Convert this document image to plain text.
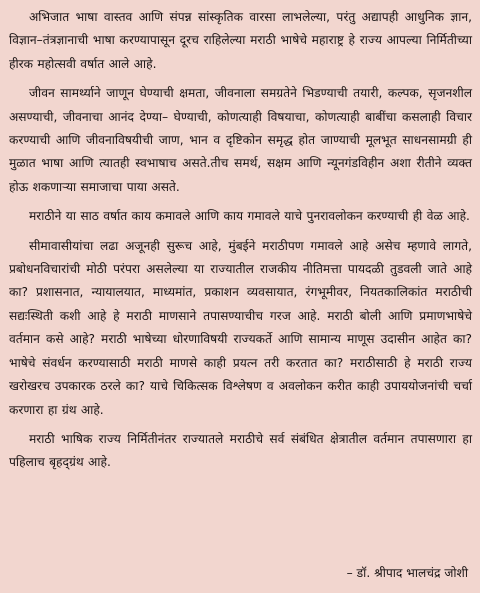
अभिजात भाषा वास्तव आणि संपन्न सांस्कृतिक वारसा लाभलेल्या, परंतु अद्यापही आधुनिक ज्ञान, विज्ञान–तंत्रज्ञानाची भाषा करण्यापासून दूरच राहिलेल्या मराठी भाषेचे महाराष्ट्र हे राज्य आपल्या निर्मितीच्या हीरक महोत्सवी वर्षात आले आहे.

जीवन सामर्थ्याने जाणून घेण्याची क्षमता, जीवनाला समग्रतेने भिडण्याची तयारी, कल्पक, सृजनशील असण्याची, जीवनाचा आनंद देण्या– घेण्याची, कोणत्याही विषयाचा, कोणत्याही बाबींचा कसलाही विचार करण्याची आणि जीवनाविषयीची जाण, भान व दृष्टिकोन समृद्ध होत जाण्याची मूलभूत साधनसामग्री ही मुळात भाषा आणि त्यातही स्वभाषाच असते.तीच समर्थ, सक्षम आणि न्यूनगंडविहीन अशा रीतीने व्यक्त होऊ शकणाऱ्या समाजाचा पाया असते.

मराठीने या साठ वर्षात काय कमावले आणि काय गमावले याचे पुनरावलोकन करण्याची ही वेळ आहे.

सीमावासीयांचा लढा अजूनही सुरूच आहे, मुंबईने मराठीपण गमावले आहे असेच म्हणावे लागते, प्रबोधनविचारांची मोठी परंपरा असलेल्या या राज्यातील राजकीय नीतिमत्ता पायदळी तुडवली जाते आहे का? प्रशासनात, न्यायालयात, माध्यमांत, प्रकाशन व्यवसायात, रंगभूमीवर, नियतकालिकांत मराठीची सद्यःस्थिती कशी आहे हे मराठी माणसाने तपासण्याचीच गरज आहे. मराठी बोली आणि प्रमाणभाषेचे वर्तमान कसे आहे? मराठी भाषेच्या धोरणाविषयी राज्यकर्ते आणि सामान्य माणूस उदासीन आहेत का? भाषेचे संवर्धन करण्यासाठी मराठी माणसे काही प्रयत्न तरी करतात का? मराठीसाठी हे मराठी राज्य खरोखरच उपकारक ठरले का? याचे चिकित्सक विश्लेषण व अवलोकन करीत काही उपाययोजनांची चर्चा करणारा हा ग्रंथ आहे.

मराठी भाषिक राज्य निर्मितीनंतर राज्यातले मराठीचे सर्व संबंधित क्षेत्रातील वर्तमान तपासणारा हा पहिलाच बृहद्ग्रंथ आहे.

– डॉ. श्रीपाद भालचंद्र जोशी
